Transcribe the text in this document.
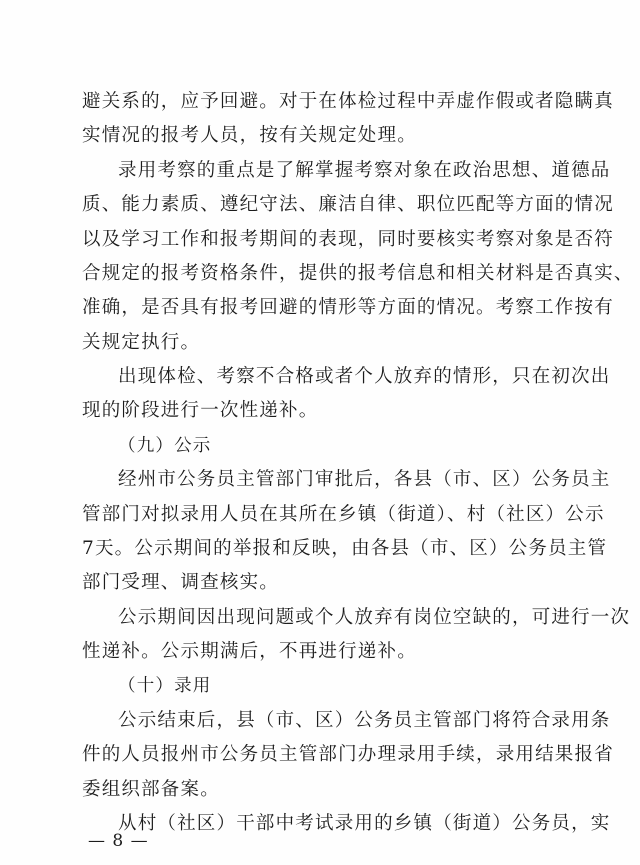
避关系的，应予回避。对于在体检过程中弄虚作假或者隐瞒真
实情况的报考人员，按有关规定处理。
录用考察的重点是了解掌握考察对象在政治思想、道德品
质、能力素质、遵纪守法、廉洁自律、职位匹配等方面的情况
以及学习工作和报考期间的表现，同时要核实考察对象是否符
合规定的报考资格条件，提供的报考信息和相关材料是否真实、
准确，是否具有报考回避的情形等方面的情况。考察工作按有
关规定执行。
出现体检、考察不合格或者个人放弃的情形，只在初次出
现的阶段进行一次性递补。
（九）公示
经州市公务员主管部门审批后，各县（市、区）公务员主
管部门对拟录用人员在其所在乡镇（街道）、村（社区）公示
7天。公示期间的举报和反映，由各县（市、区）公务员主管
部门受理、调查核实。
公示期间因出现问题或个人放弃有岗位空缺的，可进行一次
性递补。公示期满后，不再进行递补。
（十）录用
公示结束后，县（市、区）公务员主管部门将符合录用条
件的人员报州市公务员主管部门办理录用手续，录用结果报省
委组织部备案。
从村（社区）干部中考试录用的乡镇（街道）公务员，实
— 8 —
